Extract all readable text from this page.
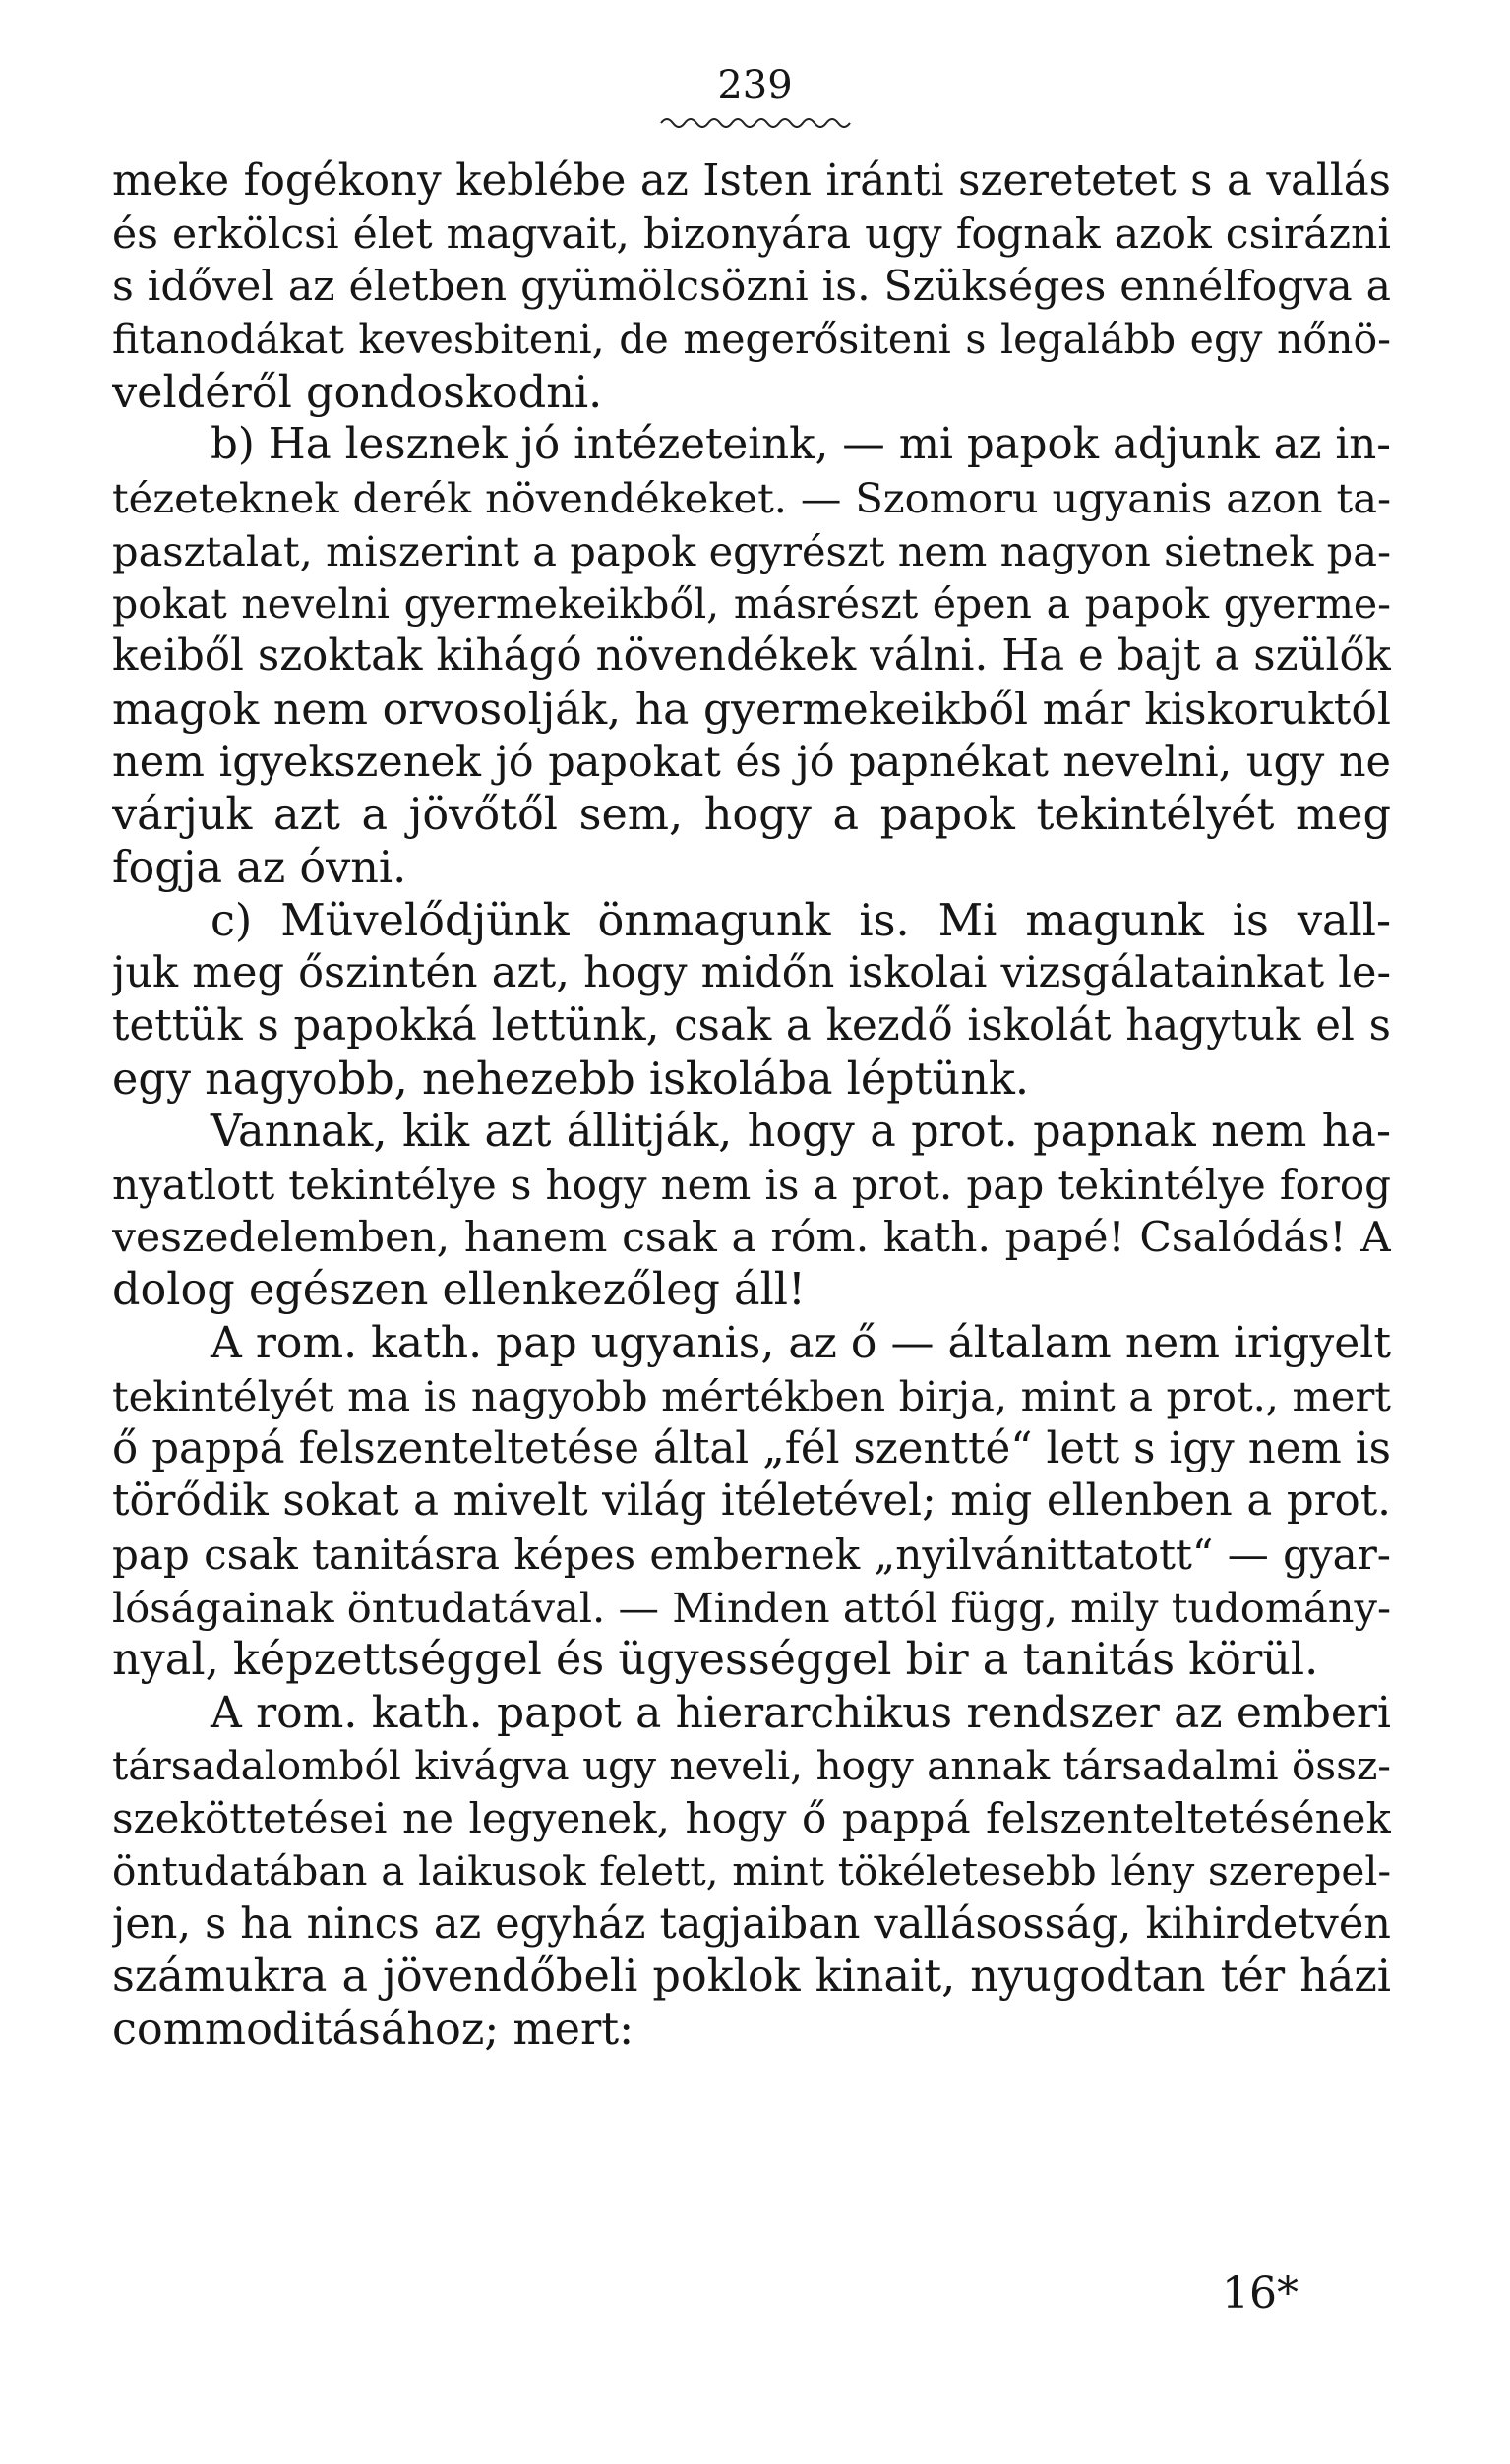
239
meke fogékony keblébe az Isten iránti szeretetet s a vallás
és erkölcsi élet magvait, bizonyára ugy fognak azok csirázni
s idővel az életben gyümölcsözni is. Szükséges ennélfogva a
fitanodákat kevesbiteni, de megerősiteni s legalább egy nőnö-
veldéről gondoskodni.
b) Ha lesznek jó intézeteink, — mi papok adjunk az in-
tézeteknek derék növendékeket. — Szomoru ugyanis azon ta-
pasztalat, miszerint a papok egyrészt nem nagyon sietnek pa-
pokat nevelni gyermekeikből, másrészt épen a papok gyerme-
keiből szoktak kihágó növendékek válni. Ha e bajt a szülők
magok nem orvosolják, ha gyermekeikből már kiskoruktól
nem igyekszenek jó papokat és jó papnékat nevelni, ugy ne
várjuk azt a jövőtől sem, hogy a papok tekintélyét meg
fogja az óvni.
c) Müvelődjünk önmagunk is. Mi magunk is vall-
juk meg őszintén azt, hogy midőn iskolai vizsgálatainkat le-
tettük s papokká lettünk, csak a kezdő iskolát hagytuk el s
egy nagyobb, nehezebb iskolába léptünk.
Vannak, kik azt állitják, hogy a prot. papnak nem ha-
nyatlott tekintélye s hogy nem is a prot. pap tekintélye forog
veszedelemben, hanem csak a róm. kath. papé! Csalódás! A
dolog egészen ellenkezőleg áll!
A rom. kath. pap ugyanis, az ő — általam nem irigyelt
tekintélyét ma is nagyobb mértékben birja, mint a prot., mert
ő pappá felszenteltetése által „fél szentté“ lett s igy nem is
törődik sokat a mivelt világ itéletével; mig ellenben a prot.
pap csak tanitásra képes embernek „nyilvánittatott“ — gyar-
lóságainak öntudatával. — Minden attól függ, mily tudomány-
nyal, képzettséggel és ügyességgel bir a tanitás körül.
A rom. kath. papot a hierarchikus rendszer az emberi
társadalomból kivágva ugy neveli, hogy annak társadalmi össz-
szeköttetései ne legyenek, hogy ő pappá felszenteltetésének
öntudatában a laikusok felett, mint tökéletesebb lény szerepel-
jen, s ha nincs az egyház tagjaiban vallásosság, kihirdetvén
számukra a jövendőbeli poklok kinait, nyugodtan tér házi
commoditásához; mert:
16*
